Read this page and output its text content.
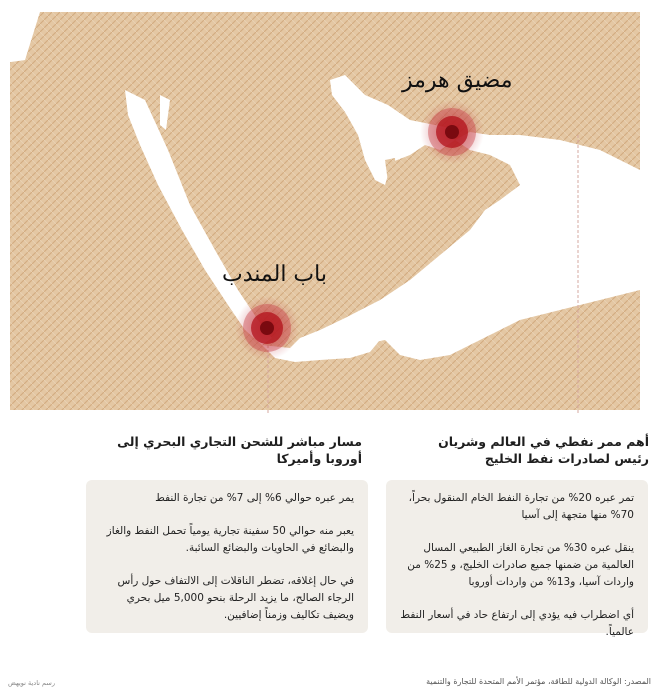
مضيق هرمز
باب المندب
أهم ممر نفطي في العالم وشريان رئيس لصادرات نفط الخليج

تمر عبره 20% من تجارة النفط الخام المنقول بحراً، 70% منها متجهة إلى آسيا

ينقل عبره 30% من تجارة الغاز الطبيعي المسال العالمية من ضمنها جميع صادرات الخليج، و 25% من واردات آسيا، و13% من واردات أوروبا

أي اضطراب فيه يؤدي إلى ارتفاع حاد في أسعار النفط عالمياً.

مسار مباشر للشحن التجاري البحري إلى أوروبا وأميركا

يمر عبره حوالي 6% إلى 7% من تجارة النفط

يعبر منه حوالي 50 سفينة تجارية يومياً تحمل النفط والغاز والبضائع في الحاويات والبضائع السائبة.

في حال إغلاقه، تضطر الناقلات إلى الالتفاف حول رأس الرجاء الصالح، ما يزيد الرحلة بنحو 5,000 ميل بحري ويضيف تكاليف وزمناً إضافيين.

المصدر: الوكالة الدولية للطاقة، مؤتمر الأمم المتحدة للتجارة والتنمية
رسم نادية نويهض
